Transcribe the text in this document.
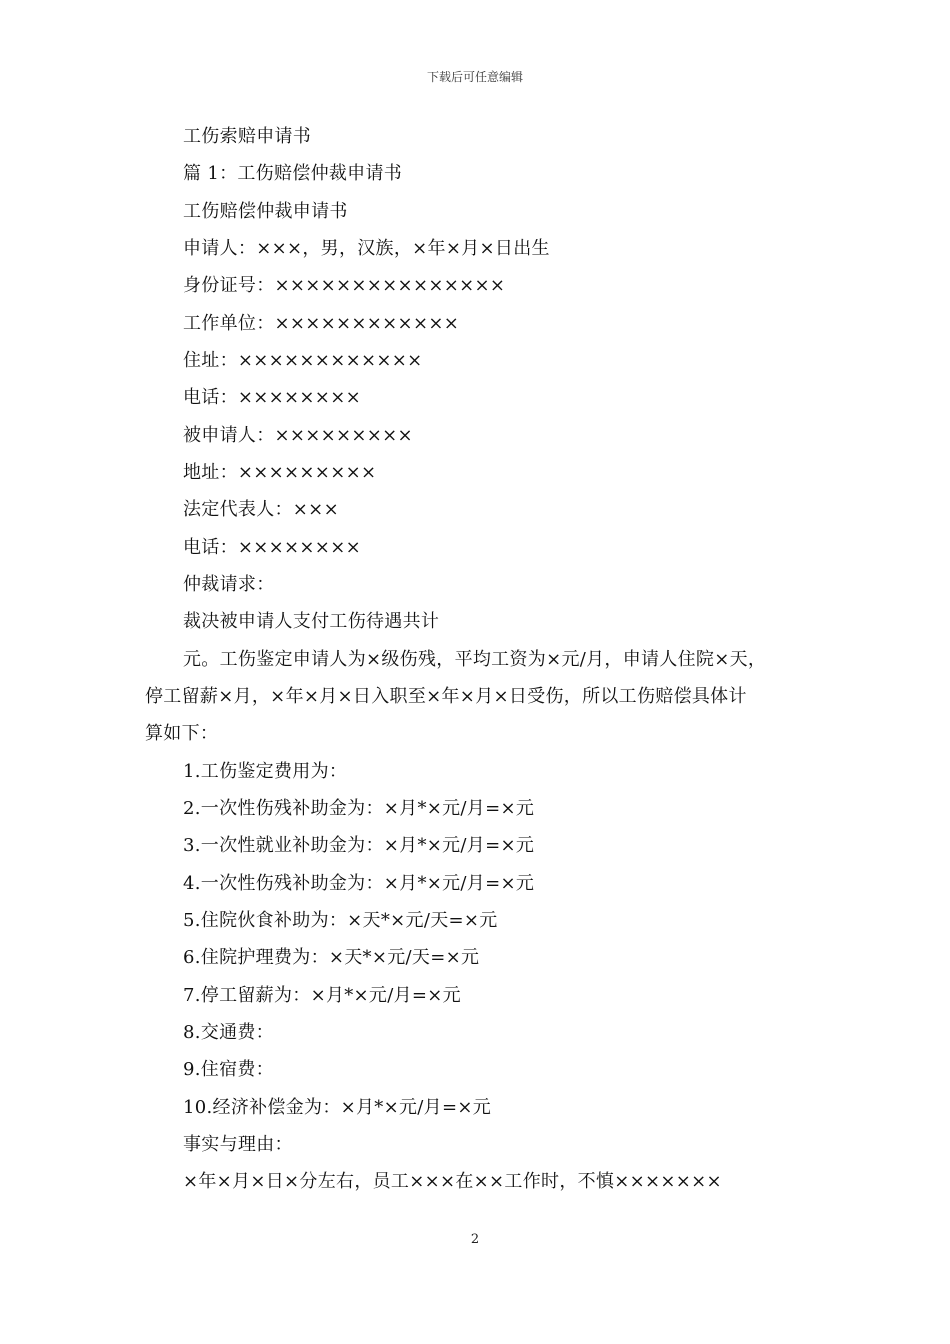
下载后可任意编辑
工伤索赔申请书
篇 1：工伤赔偿仲裁申请书
工伤赔偿仲裁申请书
申请人：×××，男，汉族，×年×月×日出生
身份证号：×××××××××××××××
工作单位：××××××××××××
住址：××××××××××××
电话：××××××××
被申请人：×××××××××
地址：×××××××××
法定代表人：×××
电话：××××××××
仲裁请求：
裁决被申请人支付工伤待遇共计
元。工伤鉴定申请人为×级伤残，平均工资为×元/月，申请人住院×天，
停工留薪×月，×年×月×日入职至×年×月×日受伤，所以工伤赔偿具体计
算如下：
1.工伤鉴定费用为：
2.一次性伤残补助金为：×月*×元/月=×元
3.一次性就业补助金为：×月*×元/月=×元
4.一次性伤残补助金为：×月*×元/月=×元
5.住院伙食补助为：×天*×元/天=×元
6.住院护理费为：×天*×元/天=×元
7.停工留薪为：×月*×元/月=×元
8.交通费：
9.住宿费：
10.经济补偿金为：×月*×元/月=×元
事实与理由：
×年×月×日×分左右，员工×××在××工作时，不慎×××××××
2
